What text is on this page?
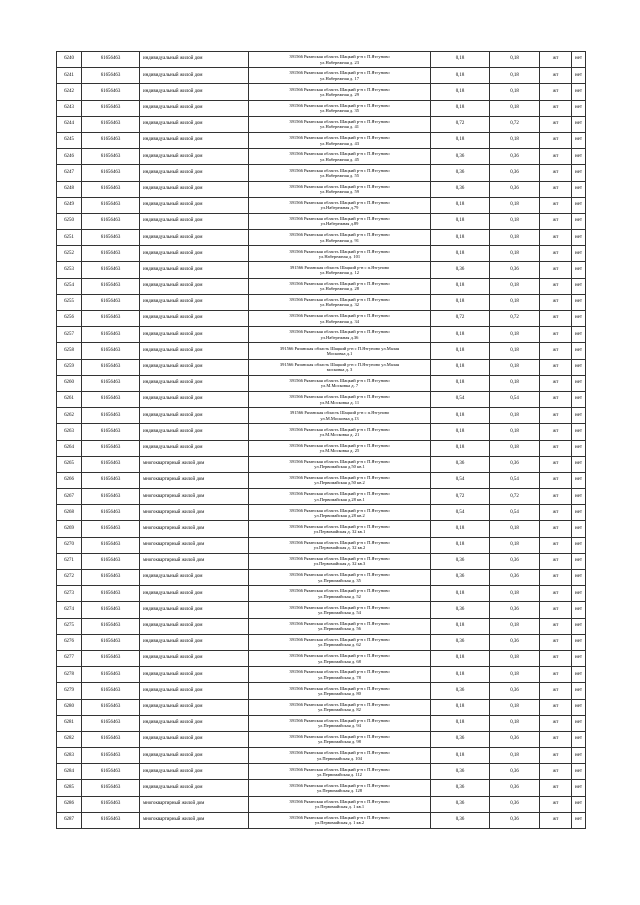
6240	61656463	индивидуальный жилой дом	391566 Рязанская область Шацкий р-н с П.Ятгуново
ул.Набережная д. 23	0,18	0,18	жт	нет
6241	61656463	индивидуальный жилой дом	391566 Рязанская область Шацкий р-н с П.Ятгуново
ул.Набережная д. 17	0,18	0,18	жт	нет
6242	61656463	индивидуальный жилой дом	391566 Рязанская область Шацкий р-н с П.Ятгуново
ул.Набережная д. 29	0,18	0,18	жт	нет
6243	61656463	индивидуальный жилой дом	391566 Рязанская область Шацкий р-н с П.Ятгуново
ул.Набережная д. 35	0,18	0,18	жт	нет
6244	61656463	индивидуальный жилой дом	391566 Рязанская область Шацкий р-н с П.Ятгуново
ул.Набережная д. 41	0,72	0,72	жт	нет
6245	61656463	индивидуальный жилой дом	391566 Рязанская область Шацкий р-н с П.Ятгуново
ул.Набережная д. 43	0,18	0,18	жт	нет
6246	61656463	индивидуальный жилой дом	391566 Рязанская область Шацкий р-н с П.Ятгуново
ул.Набережная д. 45	0,36	0,36	жт	нет
6247	61656463	индивидуальный жилой дом	391566 Рязанская область Шацкий р-н с П.Ятгуново
ул.Набережная д. 55	0,36	0,36	жт	нет
6248	61656463	индивидуальный жилой дом	391566 Рязанская область Шацкий р-н с П.Ятгуново
ул.Набережная д. 59	0,36	0,36	жт	нет
6249	61656463	индивидуальный жилой дом	391566 Рязанская область Шацкий р-н с П.Ятгуново
ул.Набережная д.79	0,18	0,18	жт	нет
6250	61656463	индивидуальный жилой дом	391566 Рязанская область Шацкий р-н с П.Ятгуново
ул.Набережная д.89	0,18	0,18	жт	нет
6251	61656463	индивидуальный жилой дом	391566 Рязанская область Шацкий р-н с П.Ятгуново
ул.Набережная д. 91	0,18	0,18	жт	нет
6252	61656463	индивидуальный жилой дом	391566 Рязанская область Шацкий р-н с П.Ятгуново
ул.Набережная д. 101	0,18	0,18	жт	нет
6253	61656463	индивидуальный жилой дом	391566 Рязанская область Шацкий р-н с п.Ятгуново
ул.Набережная д. 12	0,36	0,36	жт	нет
6254	61656463	индивидуальный жилой дом	391566 Рязанская область Шацкий р-н с П.Ятгуново
ул.Набережная д. 28	0,18	0,18	жт	нет
6255	61656463	индивидуальный жилой дом	391566 Рязанская область Шацкий р-н с П.Ятгуново
ул.Набережная д. 32	0,18	0,18	жт	нет
6256	61656463	индивидуальный жилой дом	391566 Рязанская область Шацкий р-н с П.Ятгуново
ул.Набережная д. 34	0,72	0,72	жт	нет
6257	61656463	индивидуальный жилой дом	391566 Рязанская область Шацкий р-н с П.Ятгуново
ул.Набережная д.36	0,18	0,18	жт	нет
6258	61656463	индивидуальный жилой дом	391566 Рязанская область Шацкий р-н с П.Ятгуново ул.Малая
Московка д.1	0,18	0,18	жт	нет
6259	61656463	индивидуальный жилой дом	391566 Рязанская область Шацкий р-н с П.Ятгуново ул.Малая
московка д. 3	0,18	0,18	жт	нет
6260	61656463	индивидуальный жилой дом	391566 Рязанская область Шацкий р-н с П.Ятгуново
ул.М.Московка д. 7	0,18	0,18	жт	нет
6261	61656463	индивидуальный жилой дом	391566 Рязанская область Шацкий р-н с П.Ятгуново
ул.М.Московка д. 11	0,54	0,54	жт	нет
6262	61656463	индивидуальный жилой дом	391566 Рязанская область Шацкий р-н с п.Ятгуново
ул.М.Московка д.13	0,18	0,18	жт	нет
6263	61656463	индивидуальный жилой дом	391566 Рязанская область Шацкий р-н с П.Ятгуново
ул.М.Московка д. 21	0,18	0,18	жт	нет
6264	61656463	индивидуальный жилой дом	391566 Рязанская область Шацкий р-н с П.Ятгуново
ул.М.Московка д. 25	0,18	0,18	жт	нет
6265	61656463	многоквартирный жилой дом	391566 Рязанская область Шацкий р-н с П.Ятгуново
ул.Первомайская д.50 кв.1	0,36	0,36	жт	нет
6266	61656463	многоквартирный жилой дом	391566 Рязанская область Шацкий р-н с П.Ятгуново
ул.Первомайская д.50 кв.2	0,54	0,54	жт	нет
6267	61656463	многоквартирный жилой дом	391566 Рязанская область Шацкий р-н с П.Ятгуново
ул.Первомайская д.28 кв.1	0,72	0,72	жт	нет
6268	61656463	многоквартирный жилой дом	391566 Рязанская область Шацкий р-н с П.Ятгуново
ул.Первомайская д.28 кв.2	0,54	0,54	жт	нет
6269	61656463	многоквартирный жилой дом	391566 Рязанская область Шацкий р-н с П.Ятгуново
ул.Первомайская д. 32 кв.1	0,18	0,18	жт	нет
6270	61656463	многоквартирный жилой дом	391566 Рязанская область Шацкий р-н с П.Ятгуново
ул.Первомайская д. 32 кв.2	0,18	0,18	жт	нет
6271	61656463	многоквартирный жилой дом	391566 Рязанская область Шацкий р-н с П.Ятгуново
ул.Первомайская д. 32 кв.3	0,36	0,36	жт	нет
6272	61656463	индивидуальный жилой дом	391566 Рязанская область Шацкий р-н с П.Ятгуново
ул.Первомайская д. 35	0,36	0,36	жт	нет
6273	61656463	индивидуальный жилой дом	391566 Рязанская область Шацкий р-н с П.Ятгуново
ул.Первомайская д. 52	0,18	0,18	жт	нет
6274	61656463	индивидуальный жилой дом	391566 Рязанская область Шацкий р-н с П.Ятгуново
ул.Первомайская д. 54	0,36	0,36	жт	нет
6275	61656463	индивидуальный жилой дом	391566 Рязанская область Шацкий р-н с П.Ятгуново
ул.Первомайская д. 56	0,18	0,18	жт	нет
6276	61656463	индивидуальный жилой дом	391566 Рязанская область Шацкий р-н с П.Ятгуново
ул.Первомайская д. 62	0,36	0,36	жт	нет
6277	61656463	индивидуальный жилой дом	391566 Рязанская область Шацкий р-н с П.Ятгуново
ул.Первомайская д. 68	0,18	0,18	жт	нет
6278	61656463	индивидуальный жилой дом	391566 Рязанская область Шацкий р-н с П.Ятгуново
ул.Первомайская д. 78	0,18	0,18	жт	нет
6279	61656463	индивидуальный жилой дом	391566 Рязанская область Шацкий р-н с П.Ятгуново
ул.Первомайская д. 80	0,36	0,36	жт	нет
6280	61656463	индивидуальный жилой дом	391566 Рязанская область Шацкий р-н с П.Ятгуново
ул.Первомайская д. 82	0,18	0,18	жт	нет
6281	61656463	индивидуальный жилой дом	391566 Рязанская область Шацкий р-н с П.Ятгуново
ул.Первомайская д. 94	0,18	0,18	жт	нет
6282	61656463	индивидуальный жилой дом	391566 Рязанская область Шацкий р-н с П.Ятгуново
ул.Первомайская д. 98	0,36	0,36	жт	нет
6283	61656463	индивидуальный жилой дом	391566 Рязанская область Шацкий р-н с П.Ятгуново
ул.Первомайская д. 104	0,18	0,18	жт	нет
6284	61656463	индивидуальный жилой дом	391566 Рязанская область Шацкий р-н с П.Ятгуново
ул.Первомайская д. 112	0,36	0,36	жт	нет
6285	61656463	индивидуальный жилой дом	391566 Рязанская область Шацкий р-н с П.Ятгуново
ул.Первомайская д. 128	0,36	0,36	жт	нет
6286	61656463	многоквартирный жилой дом	391566 Рязанская область Шацкий р-н с П.Ятгуново
ул.Первомайская д. 1 кв.1	0,36	0,36	жт	нет
6287	61656463	многоквартирный жилой дом	391566 Рязанская область Шацкий р-н с П.Ятгуново
ул.Первомайская д. 1 кв.2	0,36	0,36	жт	нет
